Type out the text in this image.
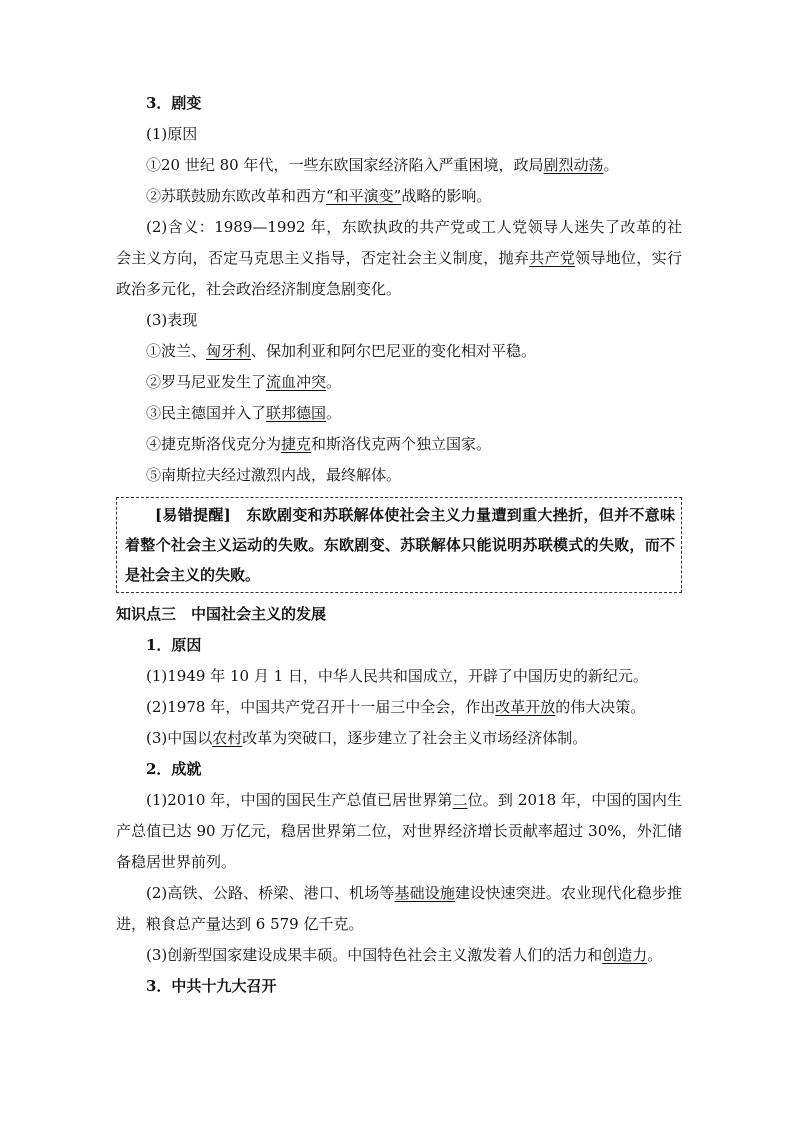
3．剧变
(1)原因
①20 世纪 80 年代，一些东欧国家经济陷入严重困境，政局剧烈动荡。
②苏联鼓励东欧改革和西方“和平演变”战略的影响。
(2)含义：1989—1992 年，东欧执政的共产党或工人党领导人迷失了改革的社会主义方向，否定马克思主义指导，否定社会主义制度，抛弃共产党领导地位，实行政治多元化，社会政治经济制度急剧变化。
(3)表现
①波兰、匈牙利、保加利亚和阿尔巴尼亚的变化相对平稳。
②罗马尼亚发生了流血冲突。
③民主德国并入了联邦德国。
④捷克斯洛伐克分为捷克和斯洛伐克两个独立国家。
⑤南斯拉夫经过激烈内战，最终解体。
[易错提醒]　东欧剧变和苏联解体使社会主义力量遭到重大挫折，但并不意味着整个社会主义运动的失败。东欧剧变、苏联解体只能说明苏联模式的失败，而不是社会主义的失败。
知识点三　中国社会主义的发展
1．原因
(1)1949 年 10 月 1 日，中华人民共和国成立，开辟了中国历史的新纪元。
(2)1978 年，中国共产党召开十一届三中全会，作出改革开放的伟大决策。
(3)中国以农村改革为突破口，逐步建立了社会主义市场经济体制。
2．成就
(1)2010 年，中国的国民生产总值已居世界第二位。到 2018 年，中国的国内生产总值已达 90 万亿元，稳居世界第二位，对世界经济增长贡献率超过 30%，外汇储备稳居世界前列。
(2)高铁、公路、桥梁、港口、机场等基础设施建设快速突进。农业现代化稳步推进，粮食总产量达到 6 579 亿千克。
(3)创新型国家建设成果丰硕。中国特色社会主义激发着人们的活力和创造力。
3．中共十九大召开
